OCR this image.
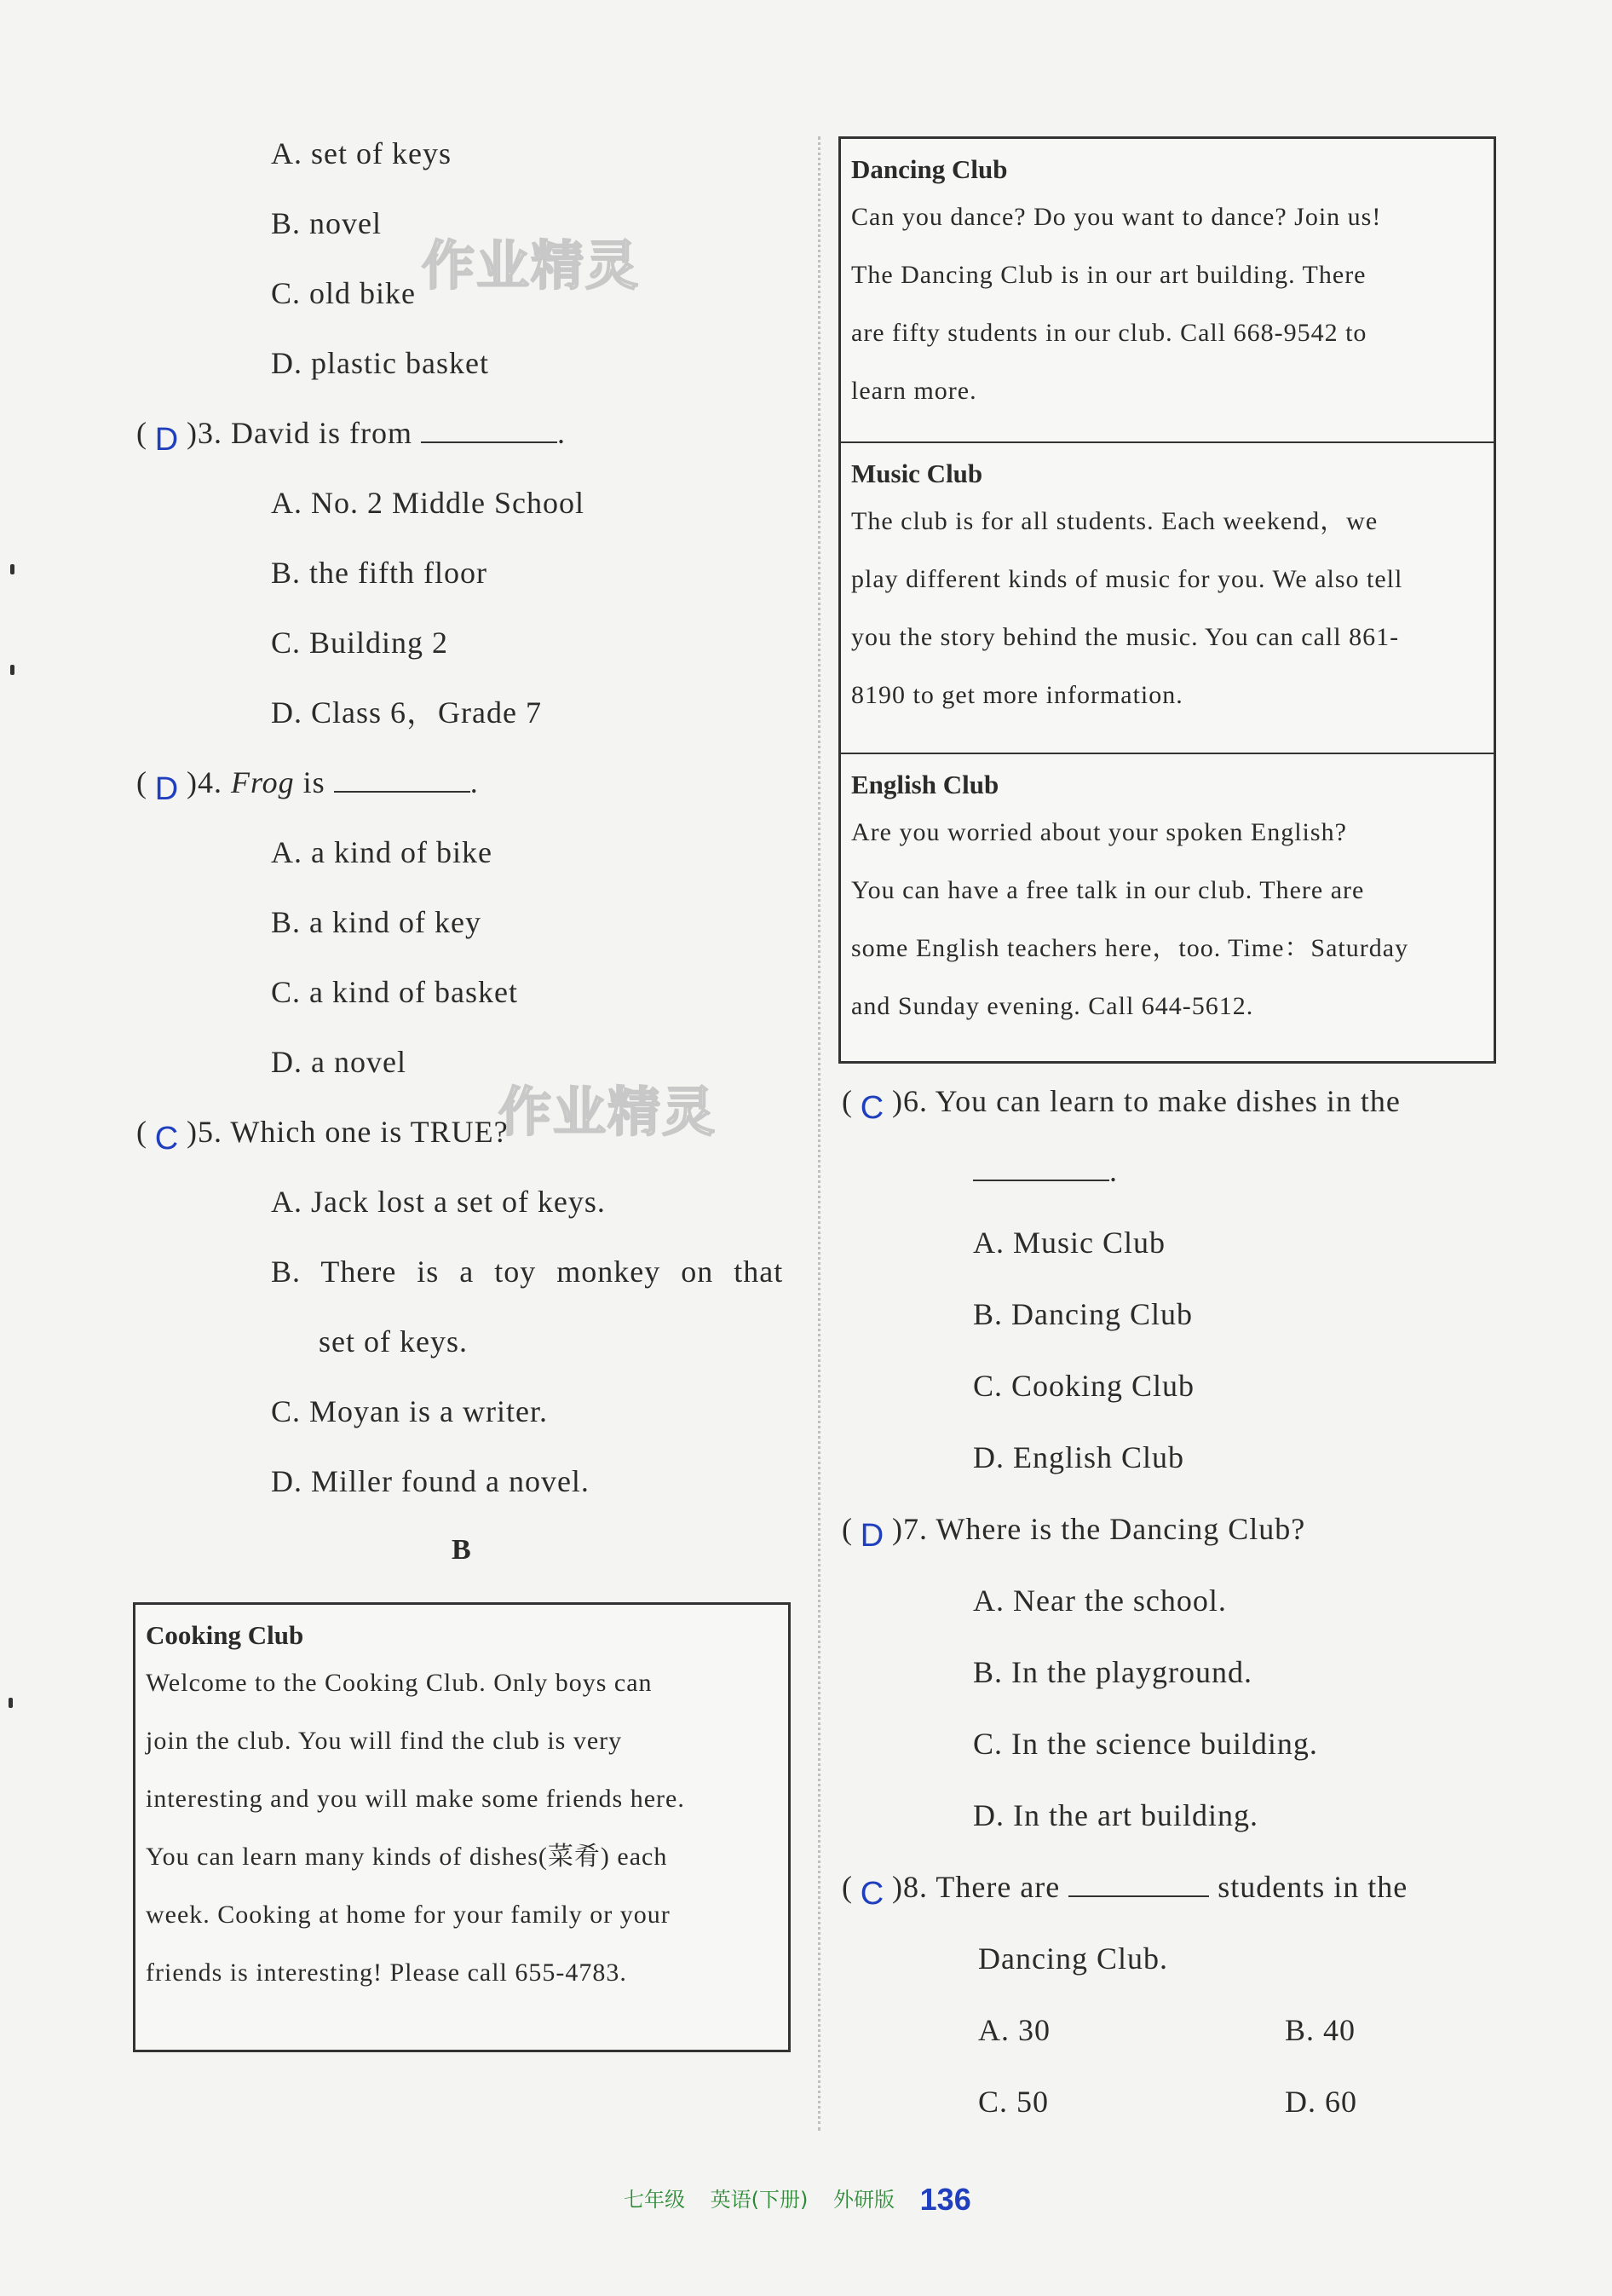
作业精灵
作业精灵
A. set of keys
B. novel
C. old bike
D. plastic basket
( D )3. David is from	.
A. No. 2 Middle School
B. the fifth floor
C. Building 2
D. Class 6，Grade 7
( D )4. Frog is	.
A. a kind of bike
B. a kind of key
C. a kind of basket
D. a novel
( C )5. Which one is TRUE?
A. Jack lost a set of keys.
B. There is a toy monkey on that
set of keys.
C. Moyan is a writer.
D. Miller found a novel.
B

Cooking Club

Welcome to the Cooking Club. Only boys can

join the club. You will find the club is very

interesting and you will make some friends here.

You can learn many kinds of dishes(菜肴) each

week. Cooking at home for your family or your

friends is interesting! Please call 655-4783.

Dancing Club

Can you dance? Do you want to dance? Join us!

The Dancing Club is in our art building. There

are fifty students in our club. Call 668-9542 to

learn more.

Music Club

The club is for all students. Each weekend，we

play different kinds of music for you. We also tell

you the story behind the music. You can call 861-

8190 to get more information.

English Club

Are you worried about your spoken English?

You can have a free talk in our club. There are

some English teachers here，too. Time：Saturday

and Sunday evening. Call 644-5612.

( C )6. You can learn to make dishes in the
.
A. Music Club
B. Dancing Club
C. Cooking Club
D. English Club
( D )7. Where is the Dancing Club?
A. Near the school.
B. In the playground.
C. In the science building.
D. In the art building.
( C )8. There are	students in the
Dancing Club.
A. 30	B. 40
C. 50	D. 60
七年级 英语(下册) 外研版 136
